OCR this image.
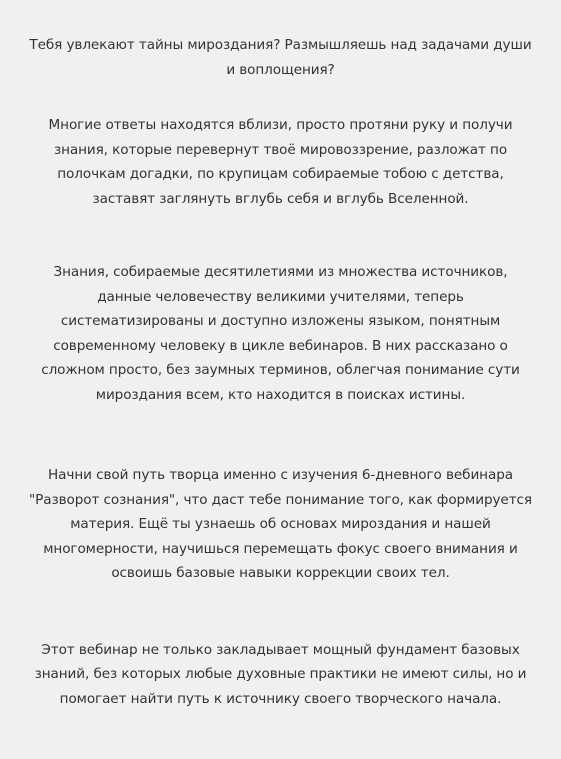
Тебя увлекают тайны мироздания? Размышляешь над задачами души
и воплощения?

Многие ответы находятся вблизи, просто протяни руку и получи
знания, которые перевернут твоё мировоззрение, разложат по
полочкам догадки, по крупицам собираемые тобою с детства,
заставят заглянуть вглубь себя и вглубь Вселенной.

Знания, собираемые десятилетиями из множества источников,
данные человечеству великими учителями, теперь
систематизированы и доступно изложены языком, понятным
современному человеку в цикле вебинаров. В них рассказано о
сложном просто, без заумных терминов, облегчая понимание сути
мироздания всем, кто находится в поисках истины.

Начни свой путь творца именно с изучения 6-дневного вебинара
"Разворот сознания", что даст тебе понимание того, как формируется
материя. Ещё ты узнаешь об основах мироздания и нашей
многомерности, научишься перемещать фокус своего внимания и
освоишь базовые навыки коррекции своих тел.

Этот вебинар не только закладывает мощный фундамент базовых
знаний, без которых любые духовные практики не имеют силы, но и
помогает найти путь к источнику своего творческого начала.
